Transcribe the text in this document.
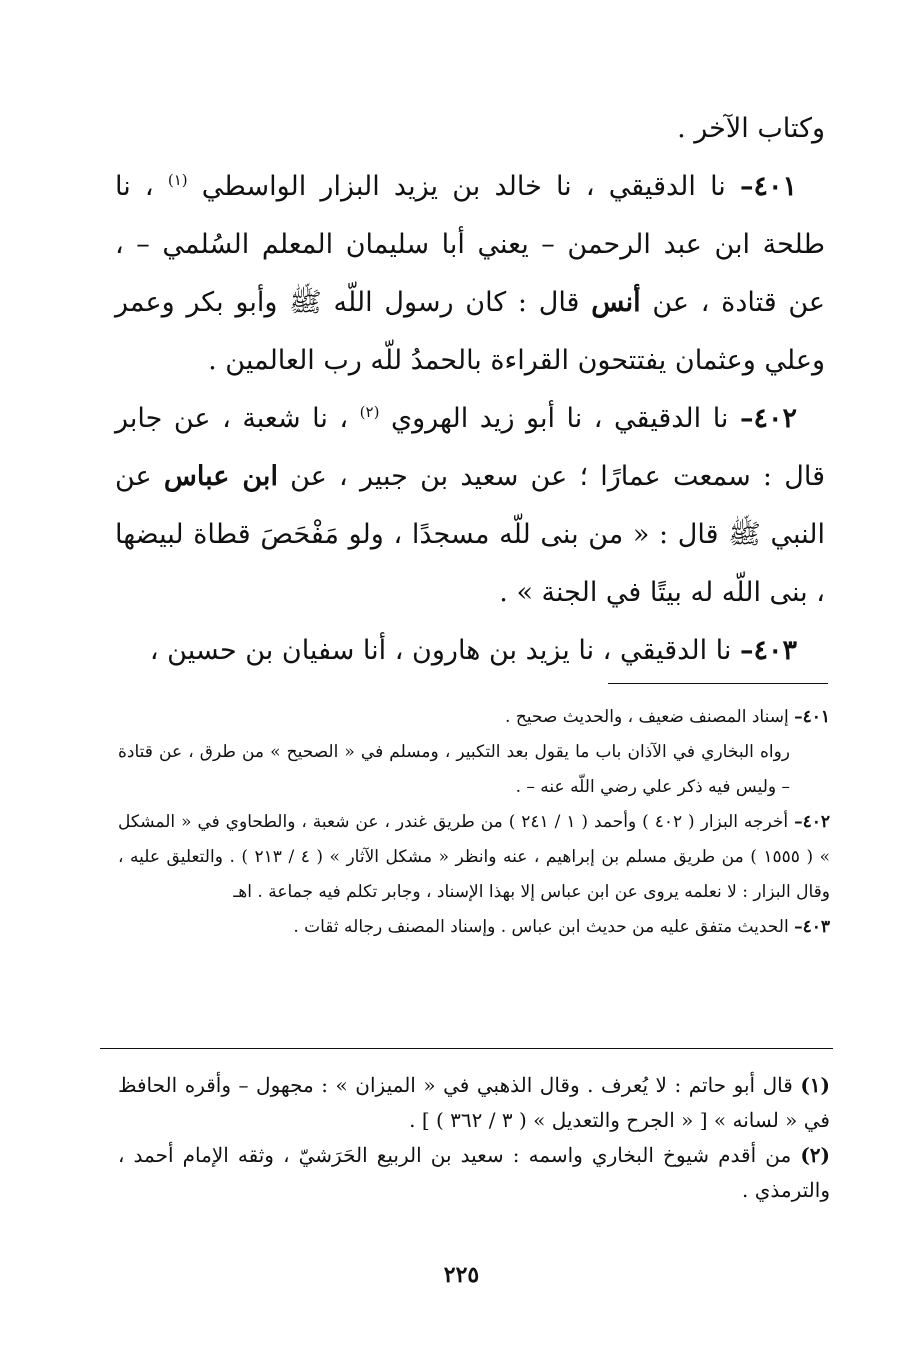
وكتاب الآخر .

٤٠١– نا الدقيقي ، نا خالد بن يزيد البزار الواسطي $^{(١)}$ ، نا طلحة ابن عبد الرحمن – يعني أبا سليمان المعلم السُلمي – ، عن قتادة ، عن أنس قال : كان رسول اللّه ﷺ وأبو بكر وعمر وعلي وعثمان يفتتحون القراءة بالحمدُ للّه رب العالمين .

٤٠٢– نا الدقيقي ، نا أبو زيد الهروي $^{(٢)}$ ، نا شعبة ، عن جابر قال : سمعت عمارًا ؛ عن سعيد بن جبير ، عن ابن عباس عن النبي ﷺ قال : « من بنى للّه مسجدًا ، ولو مَفْحَصَ قطاة لبيضها ، بنى اللّه له بيتًا في الجنة » .

٤٠٣– نا الدقيقي ، نا يزيد بن هارون ، أنا سفيان بن حسين ،

٤٠١– إسناد المصنف ضعيف ، والحديث صحيح .

رواه البخاري في الآذان باب ما يقول بعد التكبير ، ومسلم في « الصحيح » من طرق ، عن قتادة – وليس فيه ذكر علي رضي اللّه عنه – .

٤٠٢– أخرجه البزار ( ٤٠٢ ) وأحمد ( ١ / ٢٤١ ) من طريق غندر ، عن شعبة ، والطحاوي في « المشكل » ( ١٥٥٥ ) من طريق مسلم بن إبراهيم ، عنه وانظر « مشكل الآثار » ( ٤ / ٢١٣ ) . والتعليق عليه ، وقال البزار : لا نعلمه يروى عن ابن عباس إلا بهذا الإسناد ، وجابر تكلم فيه جماعة . اهـ

٤٠٣– الحديث متفق عليه من حديث ابن عباس . وإسناد المصنف رجاله ثقات .

(١) قال أبو حاتم : لا يُعرف . وقال الذهبي في « الميزان » : مجهول – وأقره الحافظ في « لسانه » [ « الجرح والتعديل » ( ٣ / ٣٦٢ ) ] .

(٢) من أقدم شيوخ البخاري واسمه : سعيد بن الربيع الحَرَشيّ ، وثقه الإمام أحمد ، والترمذي .

٢٢٥
